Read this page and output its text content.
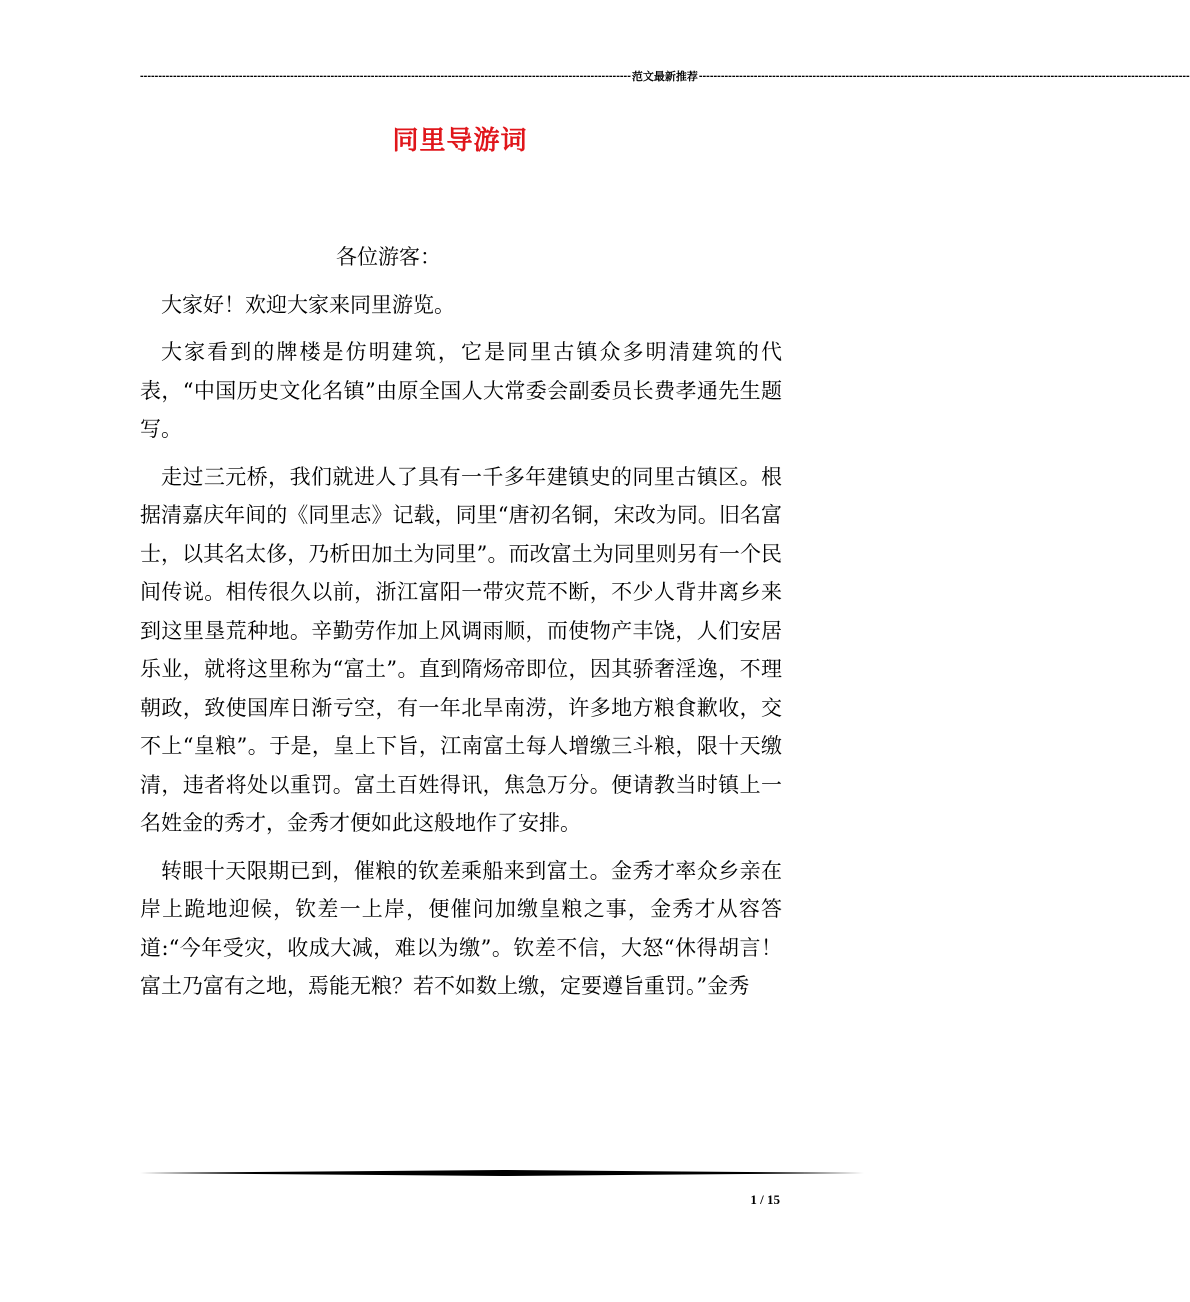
-------------------------------------------------------------------------------------------------------------------------------------- 范文最新推荐 --------------------------------------------------------------------------------------------------------------------------------------
同里导游词

各位游客：

大家好！欢迎大家来同里游览。

大家看到的牌楼是仿明建筑，它是同里古镇众多明清建筑的代表，“中国历史文化名镇”由原全国人大常委会副委员长费孝通先生题写。

走过三元桥，我们就进人了具有一千多年建镇史的同里古镇区。根据清嘉庆年间的《同里志》记载，同里“唐初名铜，宋改为同。旧名富士，以其名太侈，乃析田加土为同里”。而改富土为同里则另有一个民间传说。相传很久以前，浙江富阳一带灾荒不断，不少人背井离乡来到这里垦荒种地。辛勤劳作加上风调雨顺，而使物产丰饶，人们安居乐业，就将这里称为“富土”。直到隋炀帝即位，因其骄奢淫逸，不理朝政，致使国库日渐亏空，有一年北旱南涝，许多地方粮食歉收，交不上“皇粮”。于是，皇上下旨，江南富土每人增缴三斗粮，限十天缴清，违者将处以重罚。富土百姓得讯，焦急万分。便请教当时镇上一名姓金的秀才，金秀才便如此这般地作了安排。

转眼十天限期已到，催粮的钦差乘船来到富土。金秀才率众乡亲在岸上跪地迎候，钦差一上岸，便催问加缴皇粮之事，金秀才从容答道:“今年受灾，收成大减，难以为缴”。钦差不信，大怒“休得胡言！富土乃富有之地，焉能无粮？若不如数上缴，定要遵旨重罚。”金秀

1 / 15
